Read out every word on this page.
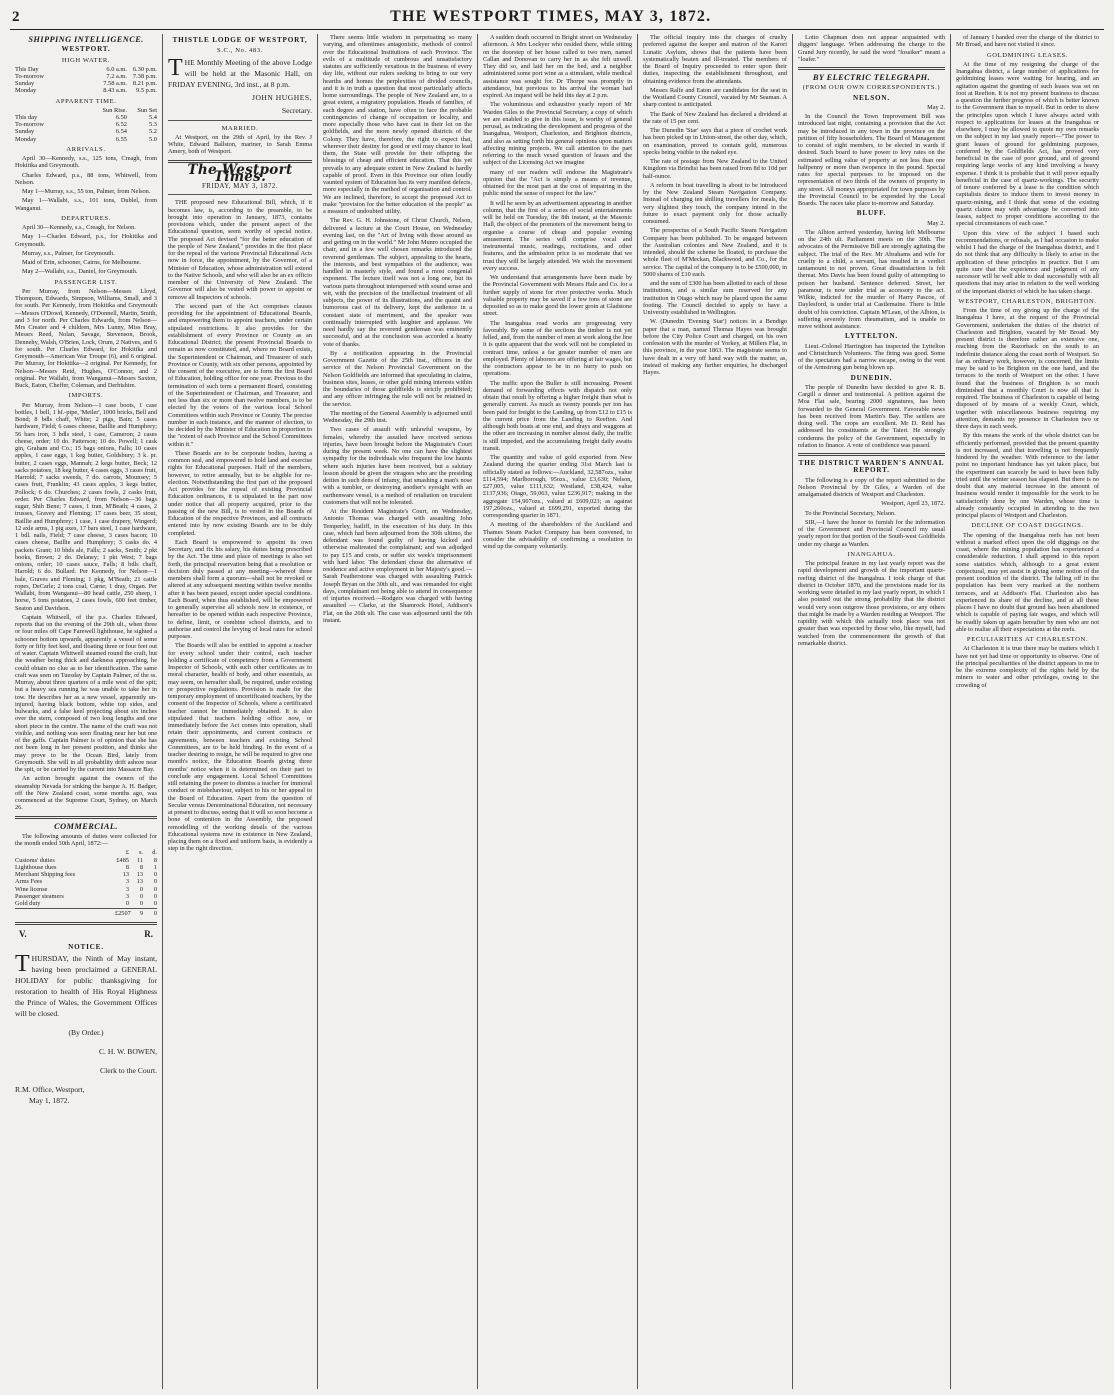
2	THE WESTPORT TIMES, MAY 3, 1872.
SHIPPING INTELLIGENCE.
WESTPORT.
HIGH WATER.
This Day	6.0 a.m. 6.30 p.m.
To-morrow	7.2 a.m. 7.38 p.m.
Sunday	7.58 a.m. 8.21 p.m.
Monday	8.43 a.m.	9.5 p.m.
APPARENT TIME.
Sun Rise.	Sun Set
This day	6.50	5.4
To-morrow	6.52	5.3
Sunday	6.54	5.2
Monday	6.55	5.0
ARRIVALS.

April 30—Kennedy, s.s., 125 tons, Creagh, from Hokitika and Greymouth.

Charles Edward, p.s., 88 tons, Whitwell, from Nelson.

May 1—Murray, s.s., 55 ton, Palmer, from Nelson.

May 1—Wallabi, s.s., 101 tons, Dublel, from Wanganui.

DEPARTURES.

April 30—Kennedy, s.s., Creagh, for Nelson.

May 1—Charles Edward, p.s., for Hokitika and Greymouth.

Murray, s.s., Palmer, for Greymouth.

Maid of Erin, schooner, Cairns, for Melbourne.

May 2—Wallabi, s.s., Daniel, for Greymouth.

PASSENGER LIST.

Per Murray, from Nelson—Messes Lloyd, Thompson, Edwards, Simpson, Williams, Small, and 3 for south. Per Kennedy, from Hokitika and Greymouth—Messrs O'Dowd, Kennedy, O'Donnell, Martin, Smith, and 3 for north. Per Charles Edwards, from Nelson—Mrs Creater and 4 children, Mrs Lunny, Miss Bray, Messrs Reed, Nolan, Savage, Stevenson, Brook, Dennehy, Walsh, O'Brien, Lock, Orum, 2 Natives, and 6 for south. Per Charles Edward, for Hokitika and Greymouth—American War Troupe (6), and 6 original. Per Murray, for Hokitika—2 original. Per Kennedy, for Nelson—Messrs Reid, Hughes, O'Connor, and 2 original. Per Wallabi, from Wanganui—Messrs Saxton, Buck, Eaton, Cheffer, Coleman, and Derbishire.

IMPORTS.

Per Murray, from Nelson—1 case boots, 1 case bottles, 1 bell, 1 hf.-pipe, 'Meiler', 1000 bricks, Bell and Bond; 8 bdls chaff, White; 2 pigs, Bain; 5 cases hardware, Field; 6 cases cheese, Baillie and Humphrey; 56 bars iron, 3 bdls steel, 1 case, Cameron; 2 cases cheese, order; 10 do. Patterson; 10 do. Powell; 1 cask gin, Graham and Co.; 15 bags onions, Falls; 10 cases apples, 1 case eggs, 1 keg butter, Goldsbury; 3 k. pr. butter, 2 cases eggs, Mannah; 2 kegs butter, Beck; 12 sacks potatoes, 18 keg butter, 4 cases eggs, 3 cases fruit, Harrold; 7 sacks sweeds, 7 do. carrots, Mounsey; 5 cases fruit, Franklin; 43 cases apples, 3 kegs butter, Pollock; 6 do. Churches; 2 cases fowls, 2 casks fruit, order. Per Charles Edward, from Nelson—36 bags sugar, Shih Bene; 7 cases, 1 tran, M'Beath; 4 cases, 2 trusses, Gravey and Fleming; 17 cases beer, 35 stout, Baillie and Humphrey; 1 case, 1 case drapery, Wingerd; 12 axle arms, 1 pig axes, 17 bars steel, 1 case hardware, 1 bdl. nails, Field; 7 case cheese, 3 cases bacon; 10 cases cheese, Baillie and Humphrey; 3 casks do. 4 packets Grant; 10 bhds ale, Falls; 2 sacks, Smith; 2 pkt books, Brown; 2 do. Delaney; 1 pkt West; 7 bags onions, order; 10 cases sauce, Falls; 8 bdls chaff, Harold; 6 do. Bullard. Per Kennedy, for Nelson—1 bale, Graves and Fleming; 1 pkg, M'Beath; 21 cattle ropes, DeCarle; 2 tons coal, Carne; 1 dray, Organ. Per Wallabi, from Wanganui—80 head cattle, 250 sheep, 1 horse, 5 tons potatoes, 2 cases fowls, 600 feet timber, Seaton and Davidson.

Captain Whitwell, of the p.s. Charles Edward, reports that on the evening of the 29th ult., when three or four miles off Cape Farewell lighthouse, he sighted a schooner bottom upwards, apparently a vessel of some forty or fifty feet keel, and floating three or four feet out of water. Captain Whitwell steamed round the craft, but the weather being thick and darkness approaching, he could obtain no clue as to her identification. The same craft was seen on Tuesday by Captain Palmer, of the ss. Murray, about three quarters of a mile west of the spit; but a heavy sea running he was unable to take her in tow. He describes her as a new vessel, apparently un-injured, having black bottom, white top sides, and bulwarks, and a false keel projecting about six inches over the stern, composed of two long lengths and one short piece in the centre. The name of the craft was not visible, and nothing was seen floating near her but one of the gaffs. Captain Palmer is of opinion that she has not been long in her present position, and thinks she may prove to be the Ocean Bird, lately from Greymouth. She will in all probability drift ashore near the spit, or be carried by the current into Massacre Bay.

An action brought against the owners of the steamship Nevada for sinking the barque A. H. Badger, off the New Zealand coast, some months ago, was commenced at the Supreme Court, Sydney, on March 26.

COMMERCIAL.

The following amounts of duties were collected for the month ended 30th April, 1872:—

£	s.	d.
Customs' duties	£485	11	8
Lighthouse dues	8	8	1
Merchant Shipping fees	13	13	0
Arms Fees	3	13	0
Wine license	3	0	0
Passenger steamers	3	0	0
Gold duty	0	0	0
£2507	9	0
V.	R.
NOTICE.

THURSDAY, the Ninth of May instant, having been proclaimed a GENERAL HOLIDAY for public thanksgiving for restoration to health of His Royal Highness the Prince of Wales, the Government Offices will be closed.

(By Order.)

C. H. W. BOWEN,

Clerk to the Court.

R.M. Office, Westport,

May 1, 1872.

THISTLE LODGE OF WESTPORT,
S.C., No. 483.

THE Monthly Meeting of the above Lodge will be held at the Masonic Hall, on FRIDAY EVENING, 3rd inst., at 8 p.m.

JOHN HUGHES,

Secretary.

MARRIED.

At Westport, on the 29th of April, by the Rev. J White, Edward Ballston, mariner, to Sarah Emma Amery, both of Westport.

The Westport Times.
FRIDAY, MAY 3, 1872.

THE proposed new Educational Bill, which, if it becomes law, is, according to the preamble, to be brought into operation in January, 1873, contains provisions which, under the present aspect of the Educational question, seem worthy of special notice. The proposed Act devised "for the better education of the people of New Zealand," provides in the first place for the repeal of the various Provincial Educational Acts now in force, the appointment, by the Governor, of a Minister of Education, whose administration will extend to the Native Schools, and who will also be an ex officio member of the University of New Zealand. The Governor will also be vested with power to appoint or remove all Inspectors of schools.

The second part of the Act comprises clauses providing for the appointment of Educational Boards, and empowering them to appoint teachers, under certain stipulated restrictions. It also provides for the establishment of every Province or County as an Educational District; the present Provincial Boards to remain as now constituted, and, where no Board exists, the Superintendent or Chairman, and Treasurer of such Province or County, with six other persons, appointed by the consent of the executive, are to form the first Board of Education, holding office for one year. Previous to the termination of such term a permanent Board, consisting of the Superintendent or Chairman, and Treasurer, and not less than six or more than twelve members, is to be elected by the voters of the various local School Committees within such Province or County. The precise number in each instance, and the manner of election, to be decided by the Minister of Education in proportion to the "extent of each Province and the School Committees within it."

These Boards are to be corporate bodies, having a common seal, and empowered to hold land and exercise rights for Educational purposes. Half of the members, however, to retire annually, but to be eligible for re-election. Notwithstanding the first part of the proposed Act provides for the repeal of existing Provincial Education ordinances, it is stipulated in the part now under notice that all property acquired, prior to the passing of the new Bill, is to vested in the Boards of Education of the respective Provinces, and all contracts entered into by now existing Boards are to be duly completed.

Each Board is empowered to appoint its own Secretary, and fix his salary, his duties being prescribed by the Act. The time and place of meetings is also set forth, the principal reservation being that a resolution or decision duly passed at any meeting—whereof three members shall form a quorum—shall not be revoked or altered at any subsequent meeting within twelve months after it has been passed, except under special conditions. Each Board, when thus established, will be empowered to generally supervise all schools now in existence, or hereafter to be opened within each respective Province, to define, limit, or combine school districts, and to authorise and control the levying of local rates for school purposes.

The Boards will also be entitled to appoint a teacher for every school under their control, each teacher holding a certificate of competency from a Government Inspector of Schools, with such other certificates as to moral character, health of body, and other essentials, as may seem, on hereafter shall, be required, under existing or prospective regulations. Provision is made for the temporary employment of uncertificated teachers, by the consent of the Inspector of Schools, where a certificated teacher cannot be immediately obtained. It is also stipulated that teachers holding office now, or immediately before the Act comes into operation, shall retain their appointments, and current contracts or agreements, between teachers and existing School Committees, are to be held binding. In the event of a teacher desiring to resign, he will be required to give one month's notice, the Education Boards giving three months' notice when it is determined on their part to conclude any engagement. Local School Committees still retaining the power to dismiss a teacher for immoral conduct or misbehaviour, subject to his or her appeal to the Board of Education. Apart from the question of Secular versus Denominational Education, not necessary at present to discuss, seeing that it will so soon become a bone of contention in the Assembly, the proposed remodelling of the working details of the various Educational systems now in existence in New Zealand, placing them on a fixed and uniform basis, is evidently a step in the right direction.

There seems little wisdom in perpetuating so many varying, and oftentimes antagonistic, methods of control over the Educational Institutions of each Province. The evils of a multitude of cumbrous and unsatisfactory statutes are sufficiently vexatious in the business of every day life, without our rulers seeking to bring to our very hearths and homes the perplexities of divided councils, and it is in truth a question that most particularly affects home surroundings. The people of New Zealand are, to a great extent, a migratory population. Heads of families, of each degree and station, have often to face the probable contingencies of change of occupation or locality, and more especially those who have cast in their lot on the goldfields, and the more newly opened districts of the Colony. They have, therefore, the right to expect that, wherever their destiny for good or evil may chance to lead them, the State will provide for their offspring the blessings of cheap and efficient education. That this yet prevails to any adequate extent in New Zealand is hardly capable of proof. Even in this Province our often loudly vaunted system of Education has its very manifest defects, more especially in the method of organisation and control. We are inclined, therefore, to accept the proposed Act to make "provision for the better education of the people" as a measure of undoubted utility.

The Rev. G. H. Johnstone, of Christ Church, Nelson, delivered a lecture at the Court House, on Wednesday evening last, on the "Art of living with those around us and getting on in the world." Mr John Munro occupied the chair, and in a few well chosen remarks introduced the reverend gentleman. The subject, appealing to the hearts, the interests, and best sympathies of the audience, was handled in masterly style, and found a most congenial exponent. The lecture itself was not a long one, but its various parts throughout interspersed with sound sense and wit, with the precision of the intellectual treatment of all subjects, the power of its illustrations, and the quaint and humorous cast of its delivery, kept the audience in a constant state of merriment, and the speaker was continually interrupted with laughter and applause. We need hardly say the reverend gentleman was eminently successful, and at the conclusion was accorded a hearty vote of thanks.

By a notification appearing in the Provincial Government Gazette of the 25th inst., officers in the service of the Nelson Provincial Government on the Nelson Goldfields are informed that speculating in claims, business sites, leases, or other gold mining interests within the boundaries of those goldfields is strictly prohibited; and any officer infringing the rule will not be retained in the service.

The meeting of the General Assembly is adjourned until Wednesday, the 29th inst.

Two cases of assault with unlawful weapons, by females, whereby the assailed have received serious injuries, have been brought before the Magistrate's Court during the present week. No one can have the slightest sympathy for the individuals who frequent the low haunts where such injuries have been received, but a salutary lesson should be given the viragoes who are the presiding deities in such dens of infamy, that smashing a man's nose with a tumbler, or destroying another's eyesight with an earthenware vessel, is a method of retaliation on truculent customers that will not be tolerated.

At the Resident Magistrate's Court, on Wednesday, Antonio Thomas was charged with assaulting John Temperley, bailiff, in the execution of his duty. In this case, which had been adjourned from the 30th ultimo, the defendant was found guilty of having kicked and otherwise maltreated the complainant; and was adjudged to pay £15 and costs, or suffer six week's imprisonment with hard labor. The defendant chose the alternative of residence and active employment in her Majesty's good.—Sarah Featherstone was charged with assaulting Patrick Joseph Bryan on the 30th ult., and was remanded for eight days, complainant not being able to attend in consequence of injuries received.—Rodgers was charged with having assaulted — Clarke, at the Shamrock Hotel, Addison's Flat, on the 26th ult. The case was adjourned until the 6th instant.

A sudden death occurred in Bright street on Wednesday afternoon. A Mrs Lockyer who resided there, while sitting on the doorstep of her house called to two men, named Callan and Donovan to carry her in as she felt unwell. They did so, and laid her on the bed, and a neighbor administered some port wine as a stimulant, while medical assistance was sought for. Dr Thorpe was promptly in attendance, but previous to his arrival the woman had expired. An inquest will be held this day at 2 p.m.

The voluminous and exhaustive yearly report of Mr Warden Giles to the Provincial Secretary, a copy of which we are enabled to give in this issue, is worthy of general perusal, as indicating the development and progress of the Inangahua, Westport, Charleston, and Brighton districts, and also as setting forth his general opinions upon matters affecting mining projects. We call attention to the part referring to the much vexed question of leases and the subject of the Licensing Act we imagine

many of our readers will endorse the Magistrate's opinion that the "Act is simply a means of revenue, obtained for the most part at the cost of impairing in the public mind the sense of respect for the law."

It will be seen by an advertisement appearing in another column, that the first of a series of social entertainments will be held on Tuesday, the 8th instant, at the Masonic Hall, the object of the promoters of the movement being to organise a course of cheap and popular evening amusement. The series will comprise vocal and instrumental music, readings, recitations, and other features, and the admission price is so moderate that we trust they will be largely attended. We wish the movement every success.

We understand that arrangements have been made by the Provincial Government with Messrs Hale and Co. for a further supply of stone for river protective works. Much valuable property may be saved if a few tons of stone are deposited so as to make good the lower groin at Gladstone street.

The Inangahua road works are progressing very favorably. By some of the sections the timber is not yet felled, and, from the number of men at work along the line it is quite apparent that the work will not be completed in contract time, unless a far greater number of men are employed. Plenty of laborers are offering at fair wages, but the contractors appear to be in no hurry to push on operations.

The traffic upon the Buller is still increasing. Present demand of forwarding effects with dispatch not only obtain that result by offering a higher freight than what is generally current. As much as twenty pounds per ton has been paid for freight to the Landing, up from £12 to £15 is the current price from the Landing to Reefton. And although both boats at one end, and drays and waggons at the other are increasing in number almost daily, the traffic is still impeded, and the accumulating freight daily awaits transit.

The quantity and value of gold exported from New Zealand during the quarter ending 31st March last is officially stated as follows:—Auckland, 32,587ozs., value £114,594; Marlborough, 95ozs., value £3,630; Nelson, £27,005, value £111,632; Westland, £38,424, value £137,936; Otago, 59,063, value £236,917; making in the aggregate 154,907ozs., valued at £609,023; as against 197,260ozs., valued at £699,291, exported during the corresponding quarter in 1871.

A meeting of the shareholders of the Auckland and Thames Steam Packet Company has been convened, to consider the advisability of confirming a resolution to wind up the company voluntarily.

The official inquiry into the charges of cruelty preferred against the keeper and matron of the Karori Lunatic Asylum, shows that the patients have been systematically beaten and ill-treated. The members of the Board of Inquiry proceeded to enter upon their duties, inspecting the establishment throughout, and obtaining evidence from the attendants.

Messrs Ralfe and Eaton are candidates for the seat in the Westland County Council, vacated by Mr Seaman. A sharp contest is anticipated.

The Bank of New Zealand has declared a dividend at the rate of 15 per cent.

The Dunedin 'Star' says that a piece of crochet work has been picked up in Union-street, the other day, which, on examination, proved to contain gold, numerous specks being visible to the naked eye.

The rate of postage from New Zealand to the United Kingdom via Brindisi has been raised from 8d to 10d per half-ounce.

A reform in boat travelling is about to be introduced by the New Zealand Steam Navigation Company. Instead of charging ten shilling travellers for meals, the very slightest they touch, the company intend in the future to exact payment only for those actually consumed.

The prospectus of a South Pacific Steam Navigation Company has been published. To be engaged between the Australian colonies and New Zealand, and it is intended, should the scheme be floated, to purchase the whole fleet of M'Meckan, Blackwood, and Co., for the service. The capital of the company is to be £500,000, in 5000 shares of £10 each.

and the sum of £300 has been allotted to each of those institutions, and a similar sum reserved for any institution in Otago which may be placed upon the same footing. The Council decided to apply to have a University established in Wellington.

W. (Dunedin 'Evening Star') notices in a Bendigo paper that a man, named Thomas Hayes was brought before the City Police Court and charged, on his own confession with the murder of Yorkey, at Millers Flat, in this province, in the year 1863. The magistrate seems to have dealt in a very off hand way with the matter, as, instead of making any further enquiries, he discharged Hayes.

Lotto Chapman does not appear acquainted with diggers' language. When addressing the charge to the Grand Jury recently, he said the word "fossiker" meant a "loafer."

BY ELECTRIC TELEGRAPH.
(FROM OUR OWN CORRESPONDENTS.)
NELSON.

May 2.

In the Council the Town Improvement Bill was introduced last night, containing a provision that the Act may be introduced in any town in the province on the petition of fifty householders. The Board of Management to consist of eight members, to be elected in wards if desired. Such board to have power to levy rates on the estimated selling value of property at not less than one halfpenny or more than twopence in the pound. Special rates for special purposes to be imposed on the representation of two thirds of the owners of property in any street. All moneys appropriated for town purposes by the Provincial Council to be expended by the Local Boards. The races take place to-morrow and Saturday.

BLUFF.

May 2.

The Albion arrived yesterday, having left Melbourne on the 24th ult. Parliament meets on the 30th. The advocates of the Permissive Bill are strongly agitating the subject. The trial of the Rev. Mr Abrahams and wife for cruelty to a child, a servant, has resulted in a verdict tantamount to not proven. Great dissatisfaction is felt thereat. Mrs Davis has been found guilty of attempting to poison her husband. Sentence deferred. Street, her paramour, is now under trial as accessory to the act. Wilkie, indicted for the murder of Harry Pascoe, of Daylesford, is under trial at Castlemaine. There is little doubt of his conviction. Captain M'Lean, of the Albion, is suffering severely from rheumatism, and is unable to move without assistance.

LYTTELTON.

Lieut.-Colonel Harrington has inspected the Lyttelton and Christchurch Volunteers. The firing was good. Some of the spectators had a narrow escape, owing to the vent of the Armstrong gun being blown up.

DUNEDIN.

The people of Dunedin have decided to give R. B. Cargill a dinner and testimonial. A petition against the Moa Flat sale, bearing 2000 signatures, has been forwarded to the General Government. Favorable news has been received from Martin's Bay. The settlers are doing well. The crops are excellent. Mr D. Reid has addressed his constituents at the Taieri. He strongly condemns the policy of the Government, especially in relation to finance. A vote of confidence was passed.

THE DISTRICT WARDEN'S ANNUAL REPORT.

The following is a copy of the report submitted to the Nelson Provincial by Dr Giles, a Warden of the amalgamated districts of Westport and Charleston.

Westport, April 23, 1872.

To the Provincial Secretary, Nelson.

SIR,—I have the honor to furnish for the information of the Government and Provincial Council my usual yearly report for that portion of the South-west Goldfields under my charge as Warden.

INANGAHUA.

The principal feature in my last yearly report was the rapid development and growth of the important quartz-reefing district of the Inangahua. I took charge of that district in October 1870, and the provisions made for its working were detailed in my last yearly report, in which I also pointed out the strong probability that the district would very soon outgrow those provisions, or any others that might be made by a Warden residing at Westport. The rapidity with which this actually took place was not greater than was expected by those who, like myself, had watched from the commencement the growth of that remarkable district.

of January I handed over the charge of the district to Mr Broad, and have not visited it since.

GOLDMINING LEASES.

At the time of my resigning the charge of the Inangahua district, a large number of applications for goldmining leases were waiting for hearing, and an agitation against the granting of such leases was set on foot at Reefton. It is not my present business to discuss a question the further progress of which is better known to the Government than to myself. But in order to show the principles upon which I have always acted with respect to applications for leases at the Inangahua or elsewhere, I may be allowed to quote my own remarks on the subject in my last yearly report—"The power to grant leases of ground for goldmining purposes, conferred by the Goldfields Act, has proved very beneficial in the case of poor ground, and of ground requiring large works of any kind involving a heavy expense. I think it is probable that it will prove equally beneficial in the case of quartz-workings. The security of tenure conferred by a lease is the condition which capitalists desire to induce them to invest money in quartz-mining, and I think that some of the existing quartz claims may with advantage be converted into leases, subject to proper conditions according to the special circumstances of each case."

Upon this view of the subject I based such recommendations, or refusals, as I had occasion to make whilst I had the charge of the Inangahua district, and I do not think that any difficulty is likely to arise in the application of these principles in practice. But I am quite sure that the experience and judgment of any successor will be well able to deal successfully with all questions that may arise in relation to the well working of the important district of which he has taken charge.

WESTPORT, CHARLESTON, BRIGHTON.

From the time of my giving up the charge of the Inangahua I have, at the request of the Provincial Government, undertaken the duties of the district of Charleston and Brighton, vacated by Mr Broad. My present district is therefore rather an extensive one, reaching from the Razorback on the south to an indefinite distance along the coast north of Westport. So far as ordinary work, however, is concerned, the limits may be said to be Brighton on the one hand, and the terraces to the north of Westport on the other. I have found that the business of Brighton is so much diminished that a monthly Court is now all that is required. The business of Charleston is capable of being disposed of by means of a weekly Court, which, together with miscellaneous business requiring my attention, demands my presence in Charleston two or three days in each week.

By this means the work of the whole district can be efficiently performed, provided that the present quantity is not increased, and that travelling is not frequently hindered by the weather. With reference to the latter point no important hindrance has yet taken place, but the experiment can scarcely be said to have been fully tried until the winter season has elapsed. But there is no doubt that any material increase in the amount of business would render it impossible for the work to be satisfactorily done by one Warden, whose time is already constantly occupied in attending to the two principal places of Westport and Charleston.

DECLINE OF COAST DIGGINGS.

The opening of the Inangahua reefs has not been without a marked effect upon the old diggings on the coast, where the mining population has experienced a considerable reduction. I shall append to this report some statistics which, although to a great extent conjectural, may yet assist in giving some notion of the present condition of the district. The falling off in the population has been very marked at the northern terraces, and at Addison's Flat. Charleston also has experienced its share of the decline, and at all these places I have no doubt that ground has been abandoned which is capable of paying fair wages, and which will be readily taken up again hereafter by men who are not able to realise all their expectations at the reefs.

PECULIARITIES AT CHARLESTON.

At Charleston it is true there may be matters which I have not yet had time or opportunity to observe. One of the principal peculiarities of the district appears to me to be the extreme complexity of the rights held by the miners to water and other privileges, owing to the crowding of
